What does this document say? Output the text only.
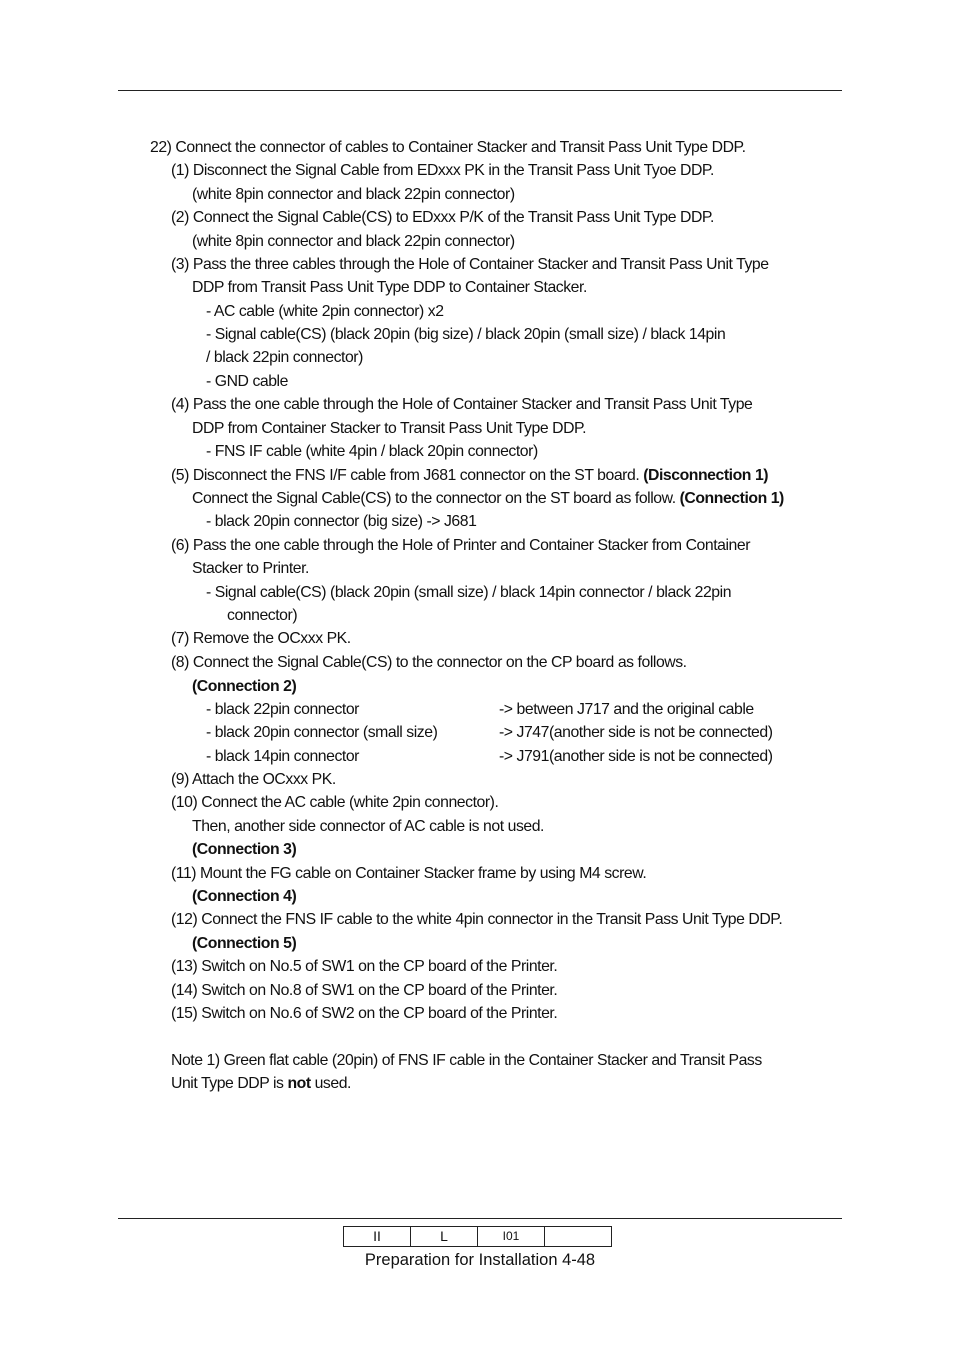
22) Connect the connector of cables to Container Stacker and Transit Pass Unit Type DDP.
(1) Disconnect the Signal Cable from EDxxx PK in the Transit Pass Unit Tyoe DDP.
(white 8pin connector and black 22pin connector)
(2) Connect the Signal Cable(CS) to EDxxx P/K of the Transit Pass Unit Type DDP.
(white 8pin connector and black 22pin connector)
(3) Pass the three cables through the Hole of Container Stacker and Transit Pass Unit Type
DDP from Transit Pass Unit Type DDP to Container Stacker.
- AC cable (white 2pin connector) x2
- Signal cable(CS) (black 20pin (big size) / black 20pin (small size) / black 14pin
/ black 22pin connector)
- GND cable
(4) Pass the one cable through the Hole of Container Stacker and Transit Pass Unit Type
DDP from Container Stacker to Transit Pass Unit Type DDP.
- FNS IF cable (white 4pin / black 20pin connector)
(5) Disconnect the FNS I/F cable from J681 connector on the ST board. (Disconnection 1)
Connect the Signal Cable(CS) to the connector on the ST board as follow. (Connection 1)
- black 20pin connector (big size) -> J681
(6) Pass the one cable through the Hole of Printer and Container Stacker from Container
Stacker to Printer.
- Signal cable(CS) (black 20pin (small size) / black 14pin connector / black 22pin
connector)
(7) Remove the OCxxx PK.
(8) Connect the Signal Cable(CS) to the connector on the CP board as follows.
(Connection 2)
- black 22pin connector	-> between J717 and the original cable
- black 20pin connector (small size)	-> J747(another side is not be connected)
- black 14pin connector	-> J791(another side is not be connected)
(9) Attach the OCxxx PK.
(10) Connect the AC cable (white 2pin connector).
Then, another side connector of AC cable is not used.
(Connection 3)
(11) Mount the FG cable on Container Stacker frame by using M4 screw.
(Connection 4)
(12) Connect the FNS IF cable to the white 4pin connector in the Transit Pass Unit Type DDP.
(Connection 5)
(13) Switch on No.5 of SW1 on the CP board of the Printer.
(14) Switch on No.8 of SW1 on the CP board of the Printer.
(15) Switch on No.6 of SW2 on the CP board of the Printer.
Note 1) Green flat cable (20pin) of FNS IF cable in the Container Stacker and Transit Pass
Unit Type DDP is not used.
II	L	I01	
Preparation for Installation 4-48
